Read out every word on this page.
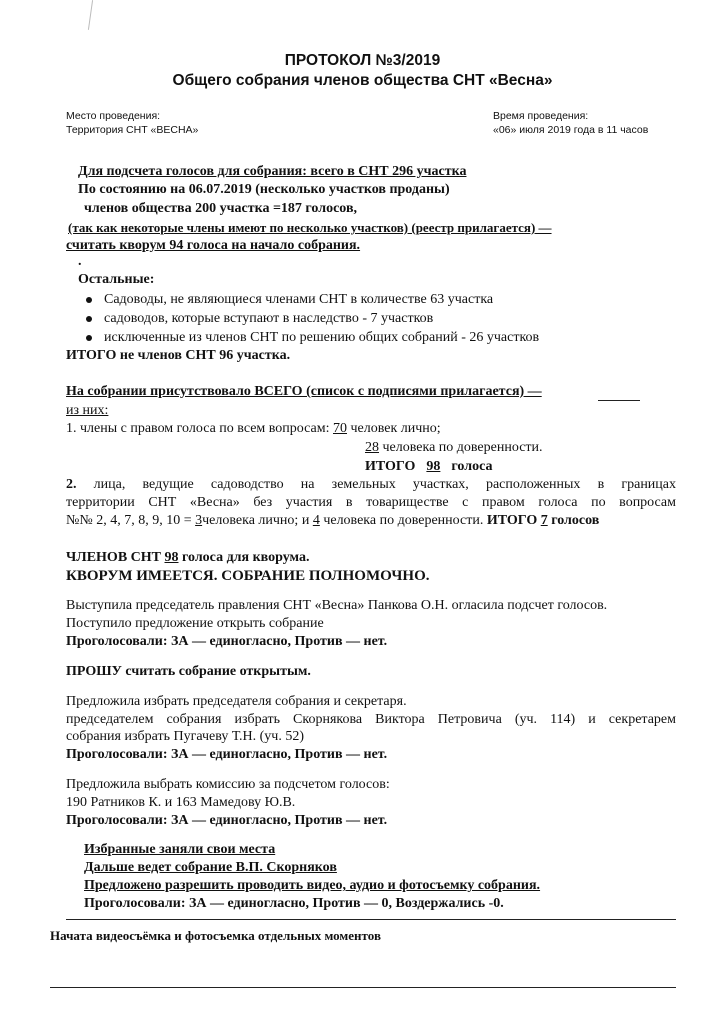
ПРОТОКОЛ №3/2019
Общего собрания членов общества СНТ «Весна»
Место проведения:
Территория СНТ «ВЕСНА»
Время проведения:
«06» июля 2019 года в 11 часов
Для подсчета голосов для собрания: всего в СНТ 296 участка
По состоянию на 06.07.2019 (несколько участков проданы)
членов общества 200 участка =187 голосов,
(так как некоторые члены имеют по несколько участков) (реестр прилагается) —
считать кворум 94 голоса на начало собрания.
.
Остальные:
Садоводы, не являющиеся членами СНТ в количестве 63 участка
садоводов, которые вступают в наследство - 7 участков
исключенные из членов СНТ по решению общих собраний - 26 участков
ИТОГО не членов СНТ 96 участка.
На собрании присутствовало ВСЕГО (список с подписями прилагается) —
из них:
1. члены с правом голоса по всем вопросам: 70 человек лично;
28 человека по доверенности.
ИТОГО 98 голоса
2. лица, ведущие садоводство на земельных участках, расположенных в границах
территории СНТ «Весна» без участия в товариществе с правом голоса по вопросам
№№ 2, 4, 7, 8, 9, 10 = 3человека лично; и 4 человека по доверенности. ИТОГО 7 голосов
ЧЛЕНОВ СНТ 98 голоса для кворума.
КВОРУМ ИМЕЕТСЯ. СОБРАНИЕ ПОЛНОМОЧНО.
Выступила председатель правления СНТ «Весна» Панкова О.Н. огласила подсчет голосов.
Поступило предложение открыть собрание
Проголосовали: ЗА — единогласно, Против — нет.
ПРОШУ считать собрание открытым.
Предложила избрать председателя собрания и секретаря.
председателем собрания избрать Скорнякова Виктора Петровича (уч. 114) и секретарем
собрания избрать Пугачеву Т.Н. (уч. 52)
Проголосовали: ЗА — единогласно, Против — нет.
Предложила выбрать комиссию за подсчетом голосов:
190 Ратников К. и 163 Мамедову Ю.В.
Проголосовали: ЗА — единогласно, Против — нет.
Избранные заняли свои места
Дальше ведет собрание В.П. Скорняков
Предложено разрешить проводить видео, аудио и фотосъемку собрания.
Проголосовали: ЗА — единогласно, Против — 0, Воздержались -0.
Начата видеосъёмка и фотосъемка отдельных моментов
